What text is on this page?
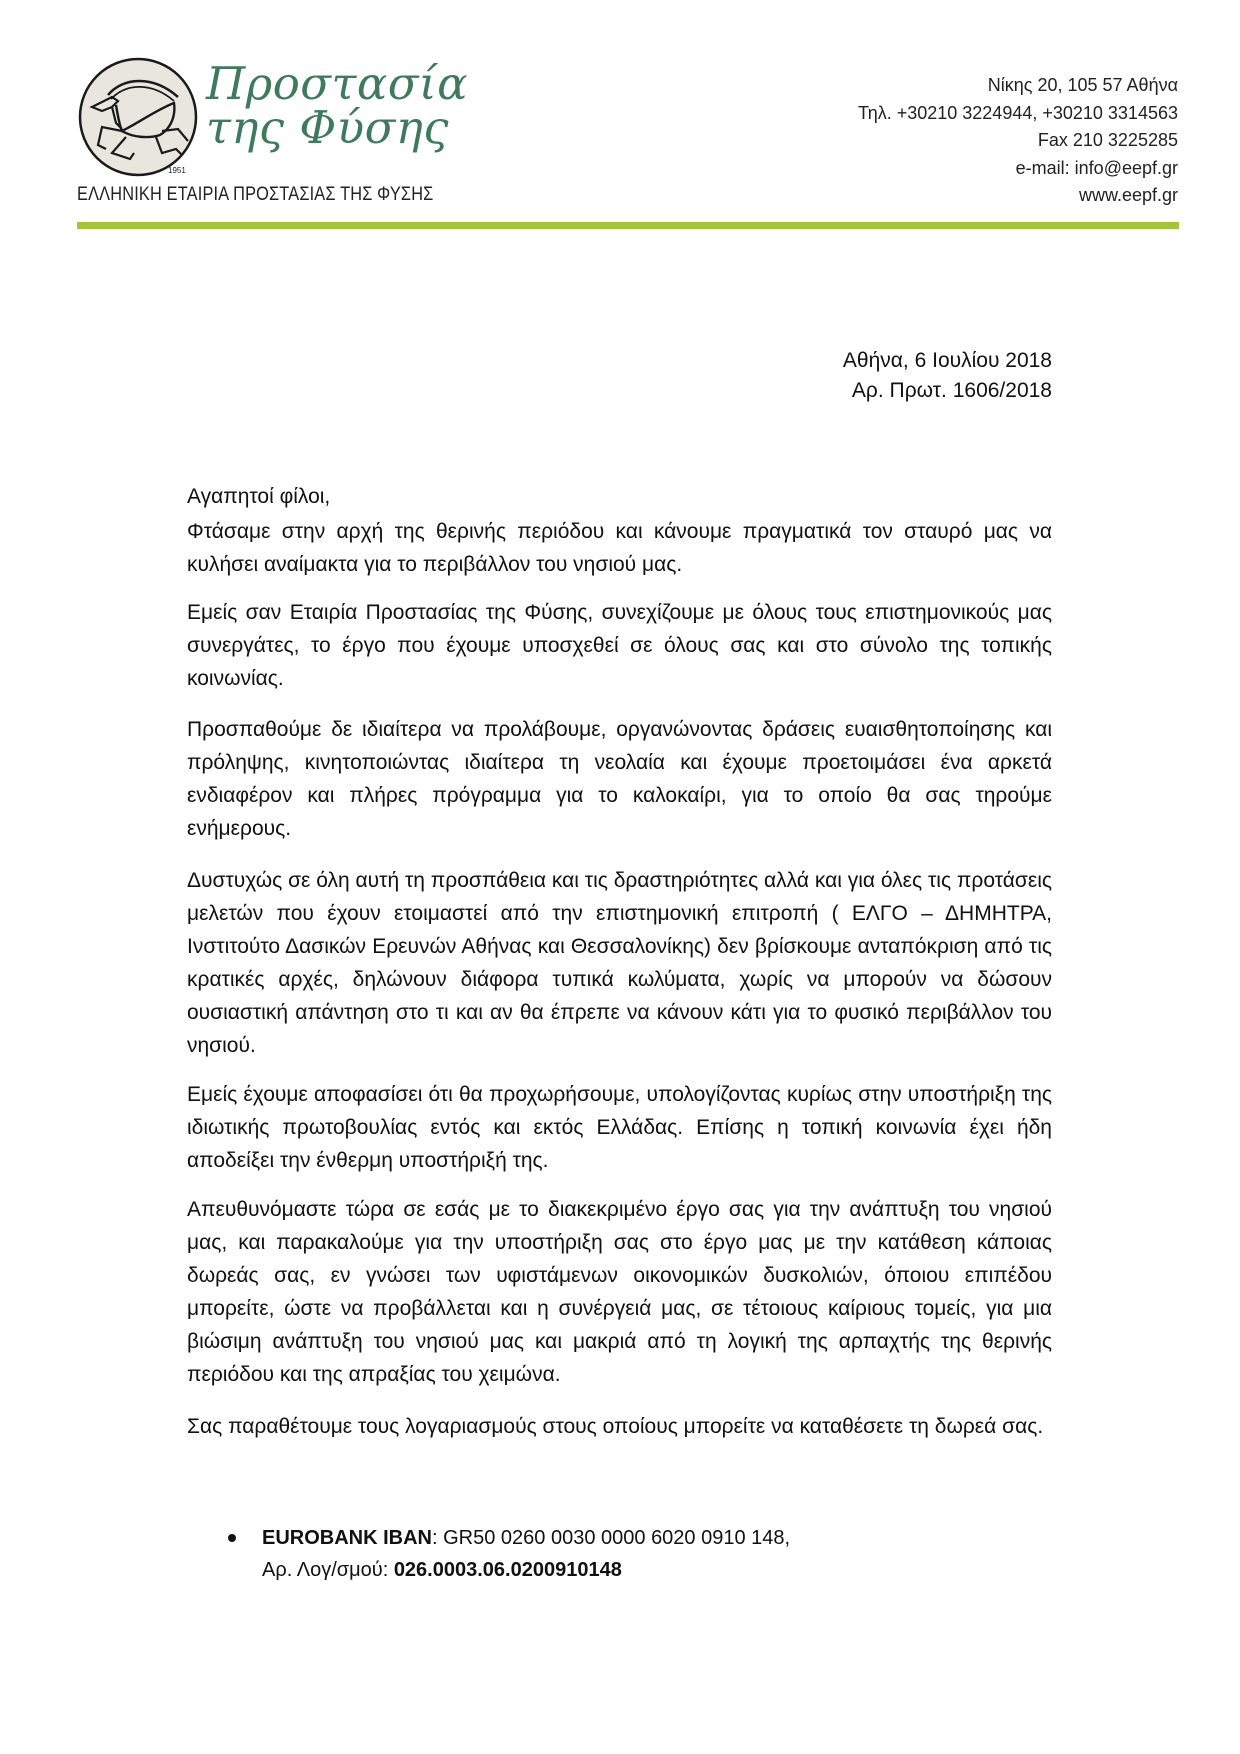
1951
Προστασία
της Φύσης
ΕΛΛΗΝΙΚΗ ΕΤΑΙΡΙΑ ΠΡΟΣΤΑΣΙΑΣ ΤΗΣ ΦΥΣΗΣ
Νίκης 20, 105 57 Αθήνα
Τηλ. +30210 3224944, +30210 3314563
Fax 210 3225285
e-mail: info@eepf.gr
www.eepf.gr
Αθήνα, 6 Ιουλίου 2018
Αρ. Πρωτ. 1606/2018
Αγαπητοί φίλοι,

Φτάσαμε στην αρχή της θερινής περιόδου και κάνουμε πραγματικά τον σταυρό μας να κυλήσει αναίμακτα για το περιβάλλον του νησιού μας.

Εμείς σαν Εταιρία Προστασίας της Φύσης, συνεχίζουμε με όλους τους επιστημονικούς μας συνεργάτες, το έργο που έχουμε υποσχεθεί σε όλους σας και στο σύνολο της τοπικής κοινωνίας.

Προσπαθούμε δε ιδιαίτερα να προλάβουμε, οργανώνοντας δράσεις ευαισθητοποίησης και πρόληψης, κινητοποιώντας ιδιαίτερα τη νεολαία και έχουμε προετοιμάσει ένα αρκετά ενδιαφέρον και πλήρες πρόγραμμα για το καλοκαίρι, για το οποίο θα σας τηρούμε ενήμερους.

Δυστυχώς σε όλη αυτή τη προσπάθεια και τις δραστηριότητες αλλά και για όλες τις προτάσεις μελετών που έχουν ετοιμαστεί από την επιστημονική επιτροπή ( ΕΛΓΟ – ΔΗΜΗΤΡΑ, Ινστιτούτο Δασικών Ερευνών Αθήνας και Θεσσαλονίκης) δεν βρίσκουμε ανταπόκριση από τις κρατικές αρχές, δηλώνουν διάφορα τυπικά κωλύματα, χωρίς να μπορούν να δώσουν ουσιαστική απάντηση στο τι και αν θα έπρεπε να κάνουν κάτι για το φυσικό περιβάλλον του νησιού.

Εμείς έχουμε αποφασίσει ότι θα προχωρήσουμε, υπολογίζοντας κυρίως στην υποστήριξη της ιδιωτικής πρωτοβουλίας εντός και εκτός Ελλάδας. Επίσης η τοπική κοινωνία έχει ήδη αποδείξει την ένθερμη υποστήριξή της.

Απευθυνόμαστε τώρα σε εσάς με το διακεκριμένο έργο σας για την ανάπτυξη του νησιού μας, και παρακαλούμε για την υποστήριξη σας στο έργο μας με την κατάθεση κάποιας δωρεάς σας, εν γνώσει των υφιστάμενων οικονομικών δυσκολιών, όποιου επιπέδου μπορείτε, ώστε να προβάλλεται και η συνέργειά μας, σε τέτοιους καίριους τομείς, για μια βιώσιμη ανάπτυξη του νησιού μας και μακριά από τη λογική της αρπαχτής της θερινής περιόδου και της απραξίας του χειμώνα.

Σας παραθέτουμε τους λογαριασμούς στους οποίους μπορείτε να καταθέσετε τη δωρεά σας.

EUROBANK IBAN: GR50 0260 0030 0000 6020 0910 148,
Αρ. Λογ/σμού: 026.0003.06.0200910148
